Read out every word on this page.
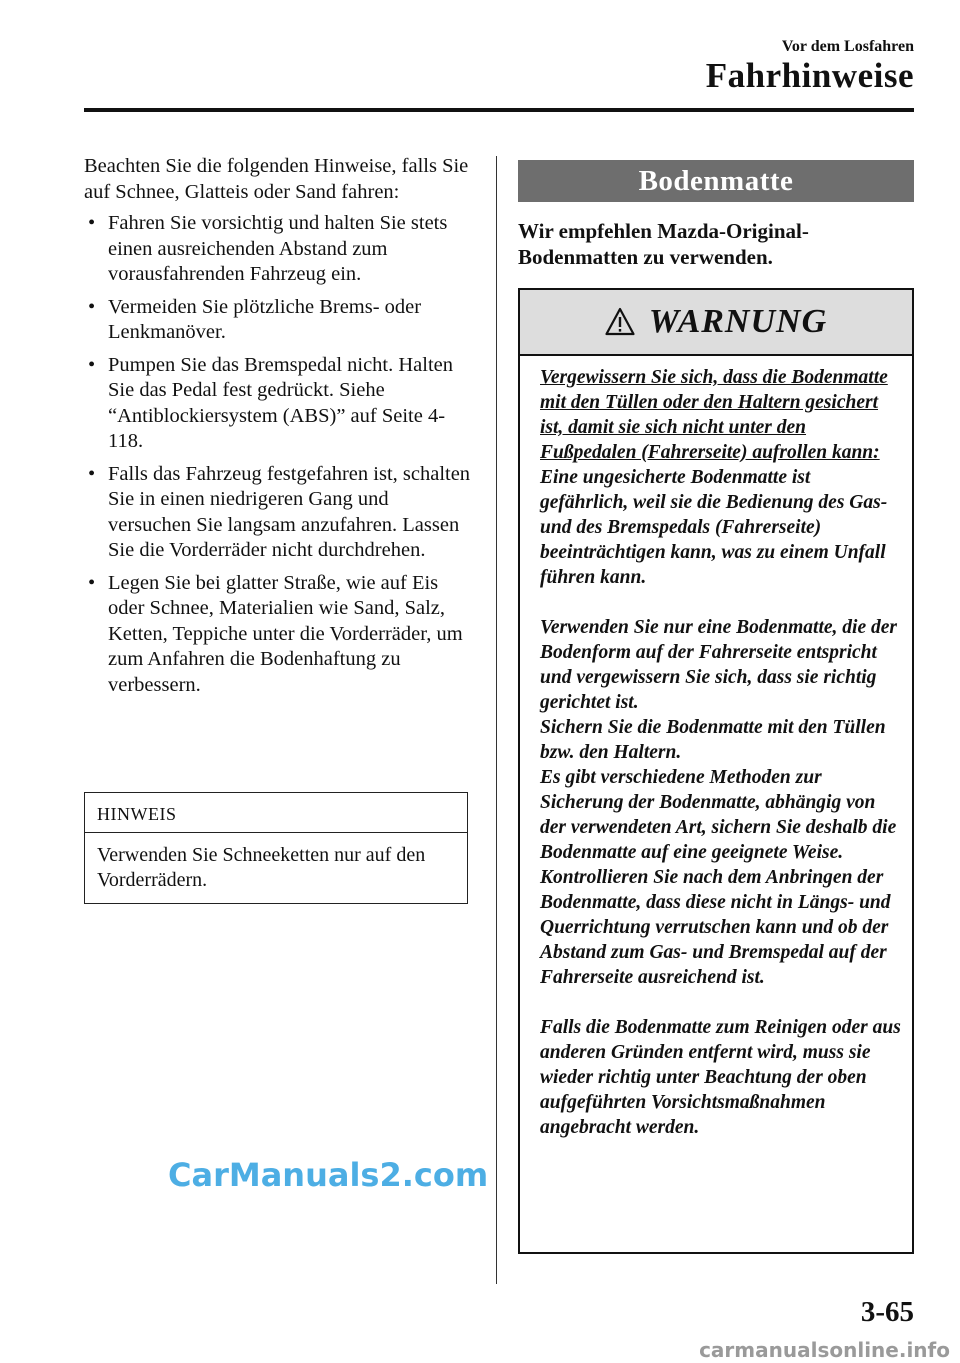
Vor dem Losfahren
Fahrhinweise

Beachten Sie die folgenden Hinweise, falls Sie auf Schnee, Glatteis oder Sand fahren:

• Fahren Sie vorsichtig und halten Sie stets einen ausreichenden Abstand zum vorausfahrenden Fahrzeug ein.
• Vermeiden Sie plötzliche Brems- oder Lenkmanöver.
• Pumpen Sie das Bremspedal nicht. Halten Sie das Pedal fest gedrückt. Siehe “Antiblockiersystem (ABS)” auf Seite 4-118.
• Falls das Fahrzeug festgefahren ist, schalten Sie in einen niedrigeren Gang und versuchen Sie langsam anzufahren. Lassen Sie die Vorderräder nicht durchdrehen.
• Legen Sie bei glatter Straße, wie auf Eis oder Schnee, Materialien wie Sand, Salz, Ketten, Teppiche unter die Vorderräder, um zum Anfahren die Bodenhaftung zu verbessern.
HINWEIS
Verwenden Sie Schneeketten nur auf den Vorderrädern.
Bodenmatte
Wir empfehlen Mazda-Original-Bodenmatten zu verwenden.
WARNUNG

Vergewissern Sie sich, dass die Bodenmatte mit den Tüllen oder den Haltern gesichert ist, damit sie sich nicht unter den Fußpedalen (Fahrerseite) aufrollen kann:

Eine ungesicherte Bodenmatte ist gefährlich, weil sie die Bedienung des Gas- und des Bremspedals (Fahrerseite) beeinträchtigen kann, was zu einem Unfall führen kann.

Verwenden Sie nur eine Bodenmatte, die der Bodenform auf der Fahrerseite entspricht und vergewissern Sie sich, dass sie richtig gerichtet ist.

Sichern Sie die Bodenmatte mit den Tüllen bzw. den Haltern.

Es gibt verschiedene Methoden zur Sicherung der Bodenmatte, abhängig von der verwendeten Art, sichern Sie deshalb die Bodenmatte auf eine geeignete Weise.

Kontrollieren Sie nach dem Anbringen der Bodenmatte, dass diese nicht in Längs- und Querrichtung verrutschen kann und ob der Abstand zum Gas- und Bremspedal auf der Fahrerseite ausreichend ist.

Falls die Bodenmatte zum Reinigen oder aus anderen Gründen entfernt wird, muss sie wieder richtig unter Beachtung der oben aufgeführten Vorsichtsmaßnahmen angebracht werden.

CarManuals2.com
3-65
carmanualsonline.info
